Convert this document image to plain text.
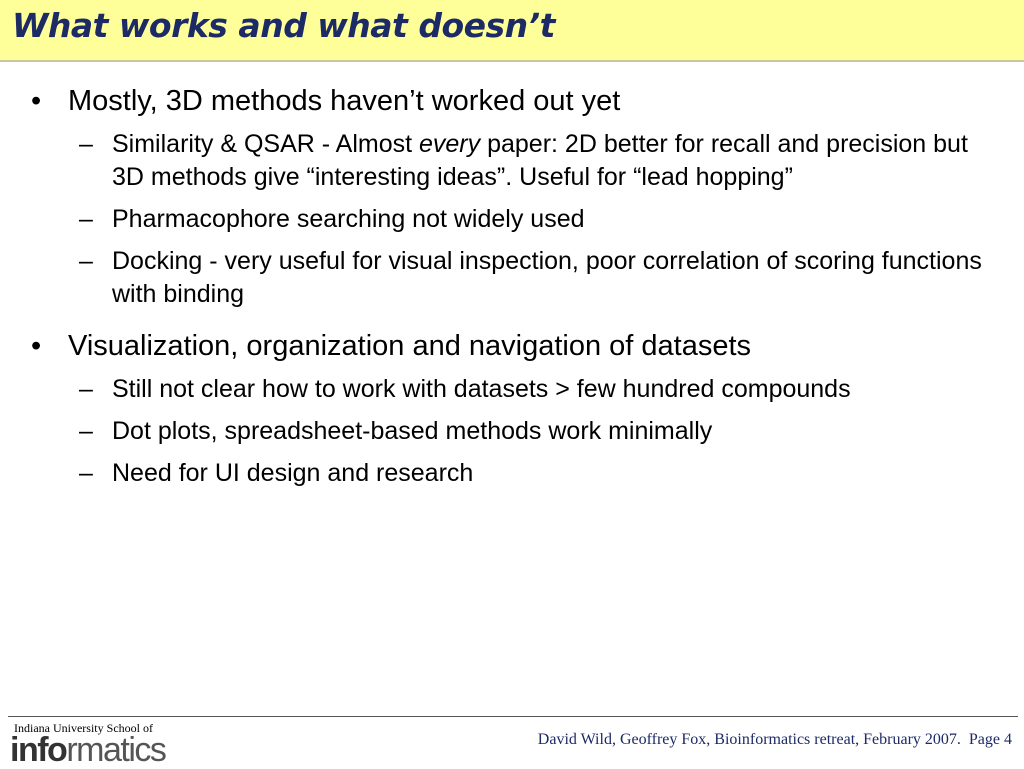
What works and what doesn’t
• Mostly, 3D methods haven’t worked out yet
– Similarity & QSAR - Almost every paper: 2D better for recall and precision but 3D methods give “interesting ideas”. Useful for “lead hopping”
– Pharmacophore searching not widely used
– Docking - very useful for visual inspection, poor correlation of scoring functions with binding
• Visualization, organization and navigation of datasets
– Still not clear how to work with datasets > few hundred compounds
– Dot plots, spreadsheet-based methods work minimally
– Need for UI design and research
Indiana University School of
informatics	David Wild, Geoffrey Fox, Bioinformatics retreat, February 2007. Page 4
